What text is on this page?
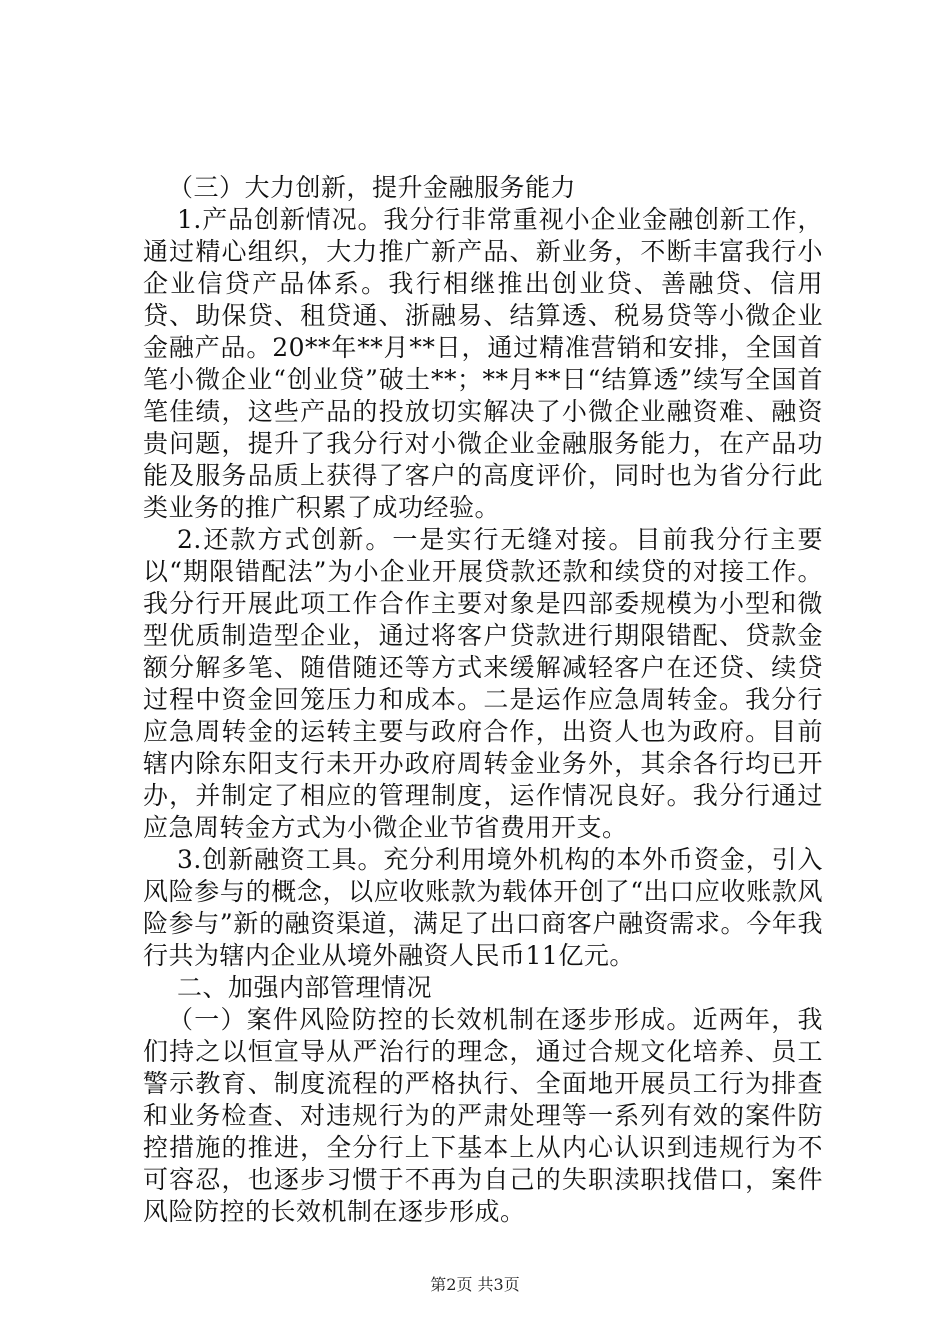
（三）大力创新，提升金融服务能力

1.产品创新情况。我分行非常重视小企业金融创新工作，通过精心组织，大力推广新产品、新业务，不断丰富我行小企业信贷产品体系。我行相继推出创业贷、善融贷、信用贷、助保贷、租贷通、浙融易、结算透、税易贷等小微企业金融产品。20**年**月**日，通过精准营销和安排，全国首笔小微企业“创业贷”破土**；**月**日“结算透”续写全国首笔佳绩，这些产品的投放切实解决了小微企业融资难、融资贵问题，提升了我分行对小微企业金融服务能力，在产品功能及服务品质上获得了客户的高度评价，同时也为省分行此类业务的推广积累了成功经验。

2.还款方式创新。一是实行无缝对接。目前我分行主要以“期限错配法”为小企业开展贷款还款和续贷的对接工作。我分行开展此项工作合作主要对象是四部委规模为小型和微型优质制造型企业，通过将客户贷款进行期限错配、贷款金额分解多笔、随借随还等方式来缓解减轻客户在还贷、续贷过程中资金回笼压力和成本。二是运作应急周转金。我分行应急周转金的运转主要与政府合作，出资人也为政府。目前辖内除东阳支行未开办政府周转金业务外，其余各行均已开办，并制定了相应的管理制度，运作情况良好。我分行通过应急周转金方式为小微企业节省费用开支。

3.创新融资工具。充分利用境外机构的本外币资金，引入风险参与的概念，以应收账款为载体开创了“出口应收账款风险参与”新的融资渠道，满足了出口商客户融资需求。今年我行共为辖内企业从境外融资人民币11亿元。

二、加强内部管理情况

（一）案件风险防控的长效机制在逐步形成。近两年，我们持之以恒宣导从严治行的理念，通过合规文化培养、员工警示教育、制度流程的严格执行、全面地开展员工行为排查和业务检查、对违规行为的严肃处理等一系列有效的案件防控措施的推进，全分行上下基本上从内心认识到违规行为不可容忍，也逐步习惯于不再为自己的失职渎职找借口，案件风险防控的长效机制在逐步形成。

第2页 共3页
